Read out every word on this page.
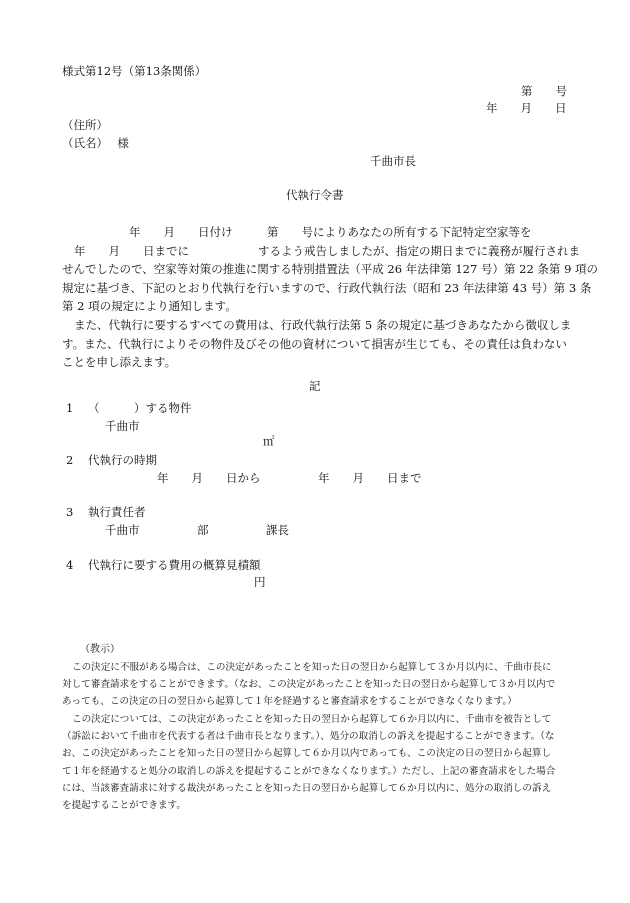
様式第12号（第13条関係）
第　　号
年　　月　　日
（住所）
（氏名）　 様
千曲市長
代執行令書
年　　月　　日付け　　　第　　号によりあなたの所有する下記特定空家等を
年　　月　　日までに　　　　　　するよう戒告しましたが、指定の期日までに義務が履行されま
せんでしたので、空家等対策の推進に関する特別措置法（平成 26 年法律第 127 号）第 22 条第 9 項の
規定に基づき、下記のとおり代執行を行いますので、行政代執行法（昭和 23 年法律第 43 号）第 3 条
第 2 項の規定により通知します。
また、代執行に要するすべての費用は、行政代執行法第 5 条の規定に基づきあなたから徴収しま
す。また、代執行によりその物件及びその他の資材について損害が生じても、その責任は負わない
ことを申し添えます。
記
1 （　　　）する物件
千曲市
㎡
2 代執行の時期
年　　月　　日から　　　　　年　　月　　日まで
3 執行責任者
千曲市　　　　　部　　　　　課長
4 代執行に要する費用の概算見積額
円
（教示）
この決定に不服がある場合は、この決定があったことを知った日の翌日から起算して３か月以内に、千曲市長に
対して審査請求をすることができます。（なお、この決定があったことを知った日の翌日から起算して３か月以内で
あっても、この決定の日の翌日から起算して１年を経過すると審査請求をすることができなくなります。）
この決定については、この決定があったことを知った日の翌日から起算して６か月以内に、千曲市を被告として
（訴訟において千曲市を代表する者は千曲市長となります。）、処分の取消しの訴えを提起することができます。（な
お、この決定があったことを知った日の翌日から起算して６か月以内であっても、この決定の日の翌日から起算し
て１年を経過すると処分の取消しの訴えを提起することができなくなります。）ただし、上記の審査請求をした場合
には、当該審査請求に対する裁決があったことを知った日の翌日から起算して６か月以内に、処分の取消しの訴え
を提起することができます。
